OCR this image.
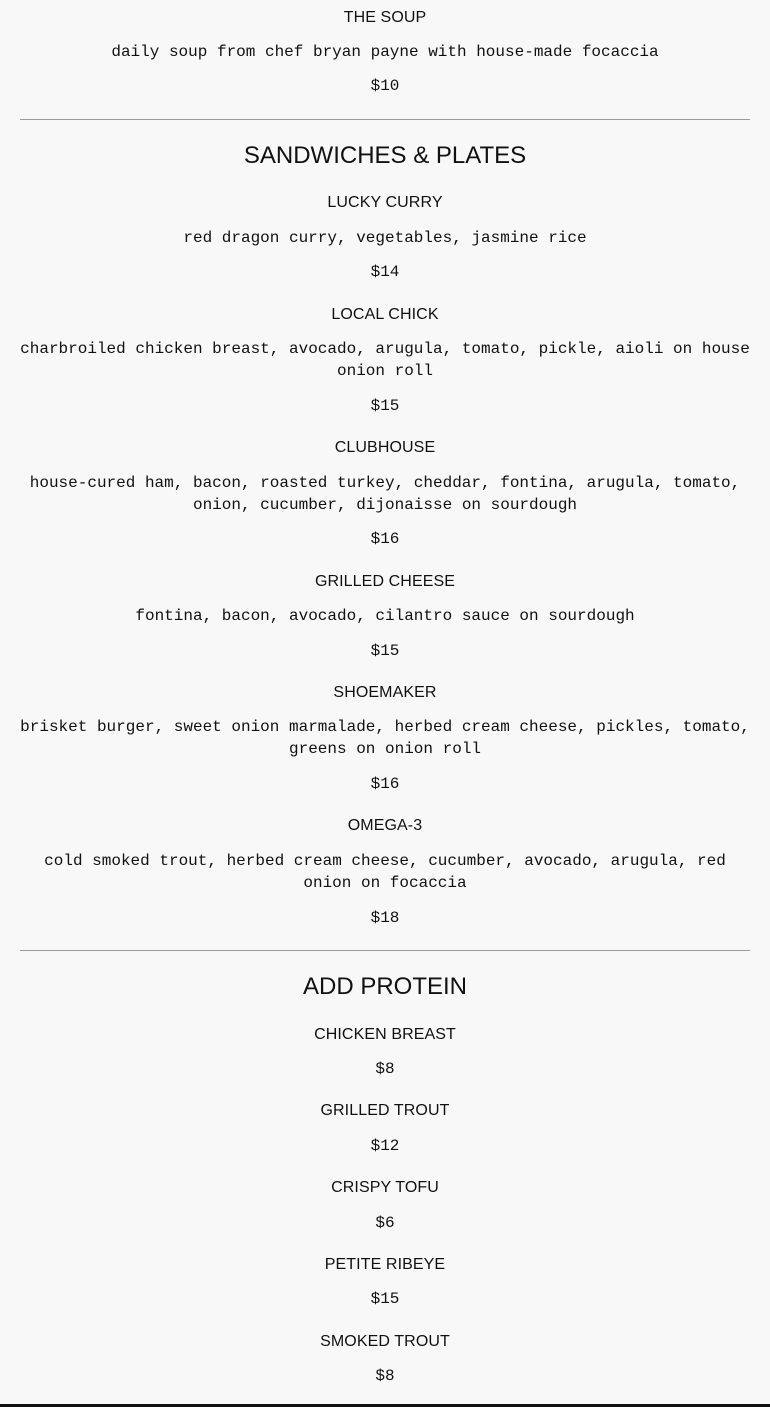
THE SOUP

daily soup from chef bryan payne with house-made focaccia

$10

SANDWICHES & PLATES

LUCKY CURRY

red dragon curry, vegetables, jasmine rice

$14

LOCAL CHICK

charbroiled chicken breast, avocado, arugula, tomato, pickle, aioli on house onion roll

$15

CLUBHOUSE

house-cured ham, bacon, roasted turkey, cheddar, fontina, arugula, tomato, onion, cucumber, dijonaisse on sourdough

$16

GRILLED CHEESE

fontina, bacon, avocado, cilantro sauce on sourdough

$15

SHOEMAKER

brisket burger, sweet onion marmalade, herbed cream cheese, pickles, tomato, greens on onion roll

$16

OMEGA-3

cold smoked trout, herbed cream cheese, cucumber, avocado, arugula, red onion on focaccia

$18

ADD PROTEIN

CHICKEN BREAST

$8

GRILLED TROUT

$12

CRISPY TOFU

$6

PETITE RIBEYE

$15

SMOKED TROUT

$8
